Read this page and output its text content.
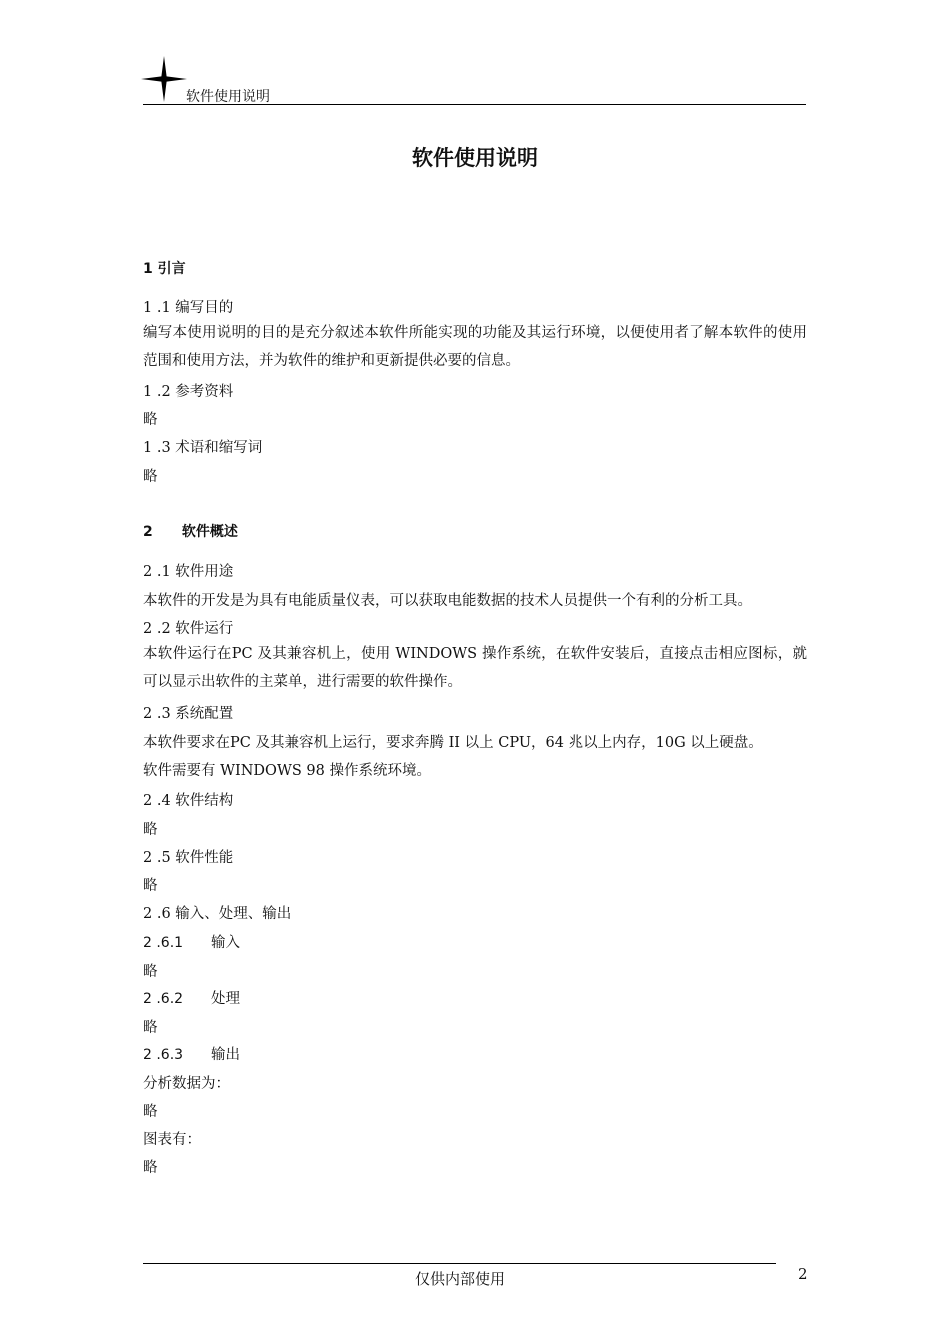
软件使用说明
软件使用说明
1 引言
1 .1 编写目的
编写本使用说明的目的是充分叙述本软件所能实现的功能及其运行环境，以便使用者了解本软件的使用范围和使用方法，并为软件的维护和更新提供必要的信息。
1 .2 参考资料
略
1 .3 术语和缩写词
略
2 软件概述
2 .1 软件用途
本软件的开发是为具有电能质量仪表，可以获取电能数据的技术人员提供一个有利的分析工具。
2 .2 软件运行
本软件运行在PC 及其兼容机上，使用 WINDOWS 操作系统，在软件安装后，直接点击相应图标，就可以显示出软件的主菜单，进行需要的软件操作。
2 .3 系统配置
本软件要求在PC 及其兼容机上运行，要求奔腾 II 以上 CPU，64 兆以上内存，10G 以上硬盘。
软件需要有 WINDOWS 98 操作系统环境。
2 .4 软件结构
略
2 .5 软件性能
略
2 .6 输入、处理、输出
2 .6.1 输入
略
2 .6.2 处理
略
2 .6.3 输出
分析数据为：
略
图表有：
略
仅供内部使用	2
